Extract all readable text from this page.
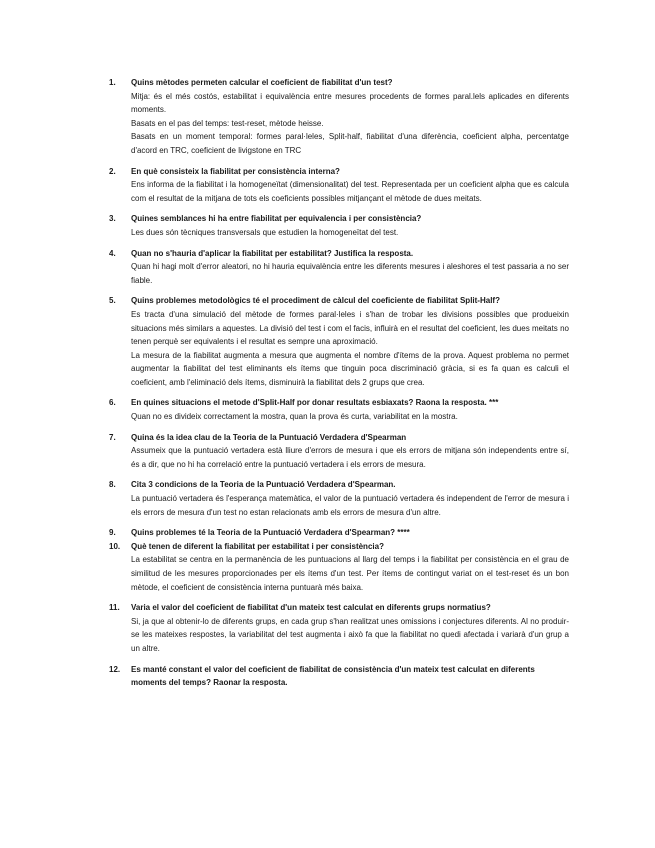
1. Quins mètodes permeten calcular el coeficient de fiabilitat d'un test?

Mitja: és el més costós, estabilitat i equivalència entre mesures procedents de formes paral.lels aplicades en diferents moments.

Basats en el pas del temps: test-reset, mètode heisse.

Basats en un moment temporal: formes paral·leles, Split-half, fiabilitat d'una diferència, coeficient alpha, percentatge d'acord en TRC, coeficient de livigstone en TRC

2. En què consisteix la fiabilitat per consistència interna?

Ens informa de la fiabilitat i la homogeneïtat (dimensionalitat) del test. Representada per un coeficient alpha que es calcula com el resultat de la mitjana de tots els coeficients possibles mitjançant el mètode de dues meitats.

3. Quines semblances hi ha entre fiabilitat per equivalencia i per consistència?

Les dues són tècniques transversals que estudien la homogeneïtat del test.

4. Quan no s'hauria d'aplicar la fiabilitat per estabilitat? Justifica la resposta.

Quan hi hagi molt d'error aleatori, no hi hauria equivalència entre les diferents mesures i aleshores el test passaria a no ser fiable.

5. Quins problemes metodològics té el procediment de càlcul del coeficiente de fiabilitat Split-Half?

Es tracta d'una simulació del mètode de formes paral·leles i s'han de trobar les divisions possibles que produeixin situacions més similars a aquestes. La divisió del test i com el facis, influirà en el resultat del coeficient, les dues meitats no tenen perquè ser equivalents i el resultat es sempre una aproximació.

La mesura de la fiabilitat augmenta a mesura que augmenta el nombre d'ítems de la prova. Aquest problema no permet augmentar la fiabilitat del test eliminants els ítems que tinguin poca discriminació gràcia, si es fa quan es calculi el coeficient, amb l'eliminació dels ítems, disminuirà la fiabilitat dels 2 grups que crea.

6. En quines situacions el metode d'Split-Half por donar resultats esbiaxats? Raona la resposta. ***

Quan no es divideix correctament la mostra, quan la prova és curta, variabilitat en la mostra.

7. Quina és la idea clau de la Teoria de la Puntuació Verdadera d'Spearman

Assumeix que la puntuació vertadera està lliure d'errors de mesura i que els errors de mitjana són independents entre sí, és a dir, que no hi ha correlació entre la puntuació vertadera i els errors de mesura.

8. Cita 3 condicions de la Teoria de la Puntuació Verdadera d'Spearman.

La puntuació vertadera és l'esperança matemàtica, el valor de la puntuació vertadera és independent de l'error de mesura i els errors de mesura d'un test no estan relacionats amb els errors de mesura d'un altre.

9. Quins problemes té la Teoria de la Puntuació Verdadera d'Spearman? ****
10. Què tenen de diferent la fiabilitat per estabilitat i per consistència?

La estabilitat se centra en la permanència de les puntuacions al llarg del temps i la fiabilitat per consistència en el grau de similitud de les mesures proporcionades per els ítems d'un test. Per ítems de contingut variat on el test-reset és un bon mètode, el coeficient de consistència interna puntuarà més baixa.

11. Varia el valor del coeficient de fiabilitat d'un mateix test calculat en diferents grups normatius?

Si, ja que al obtenir-lo de diferents grups, en cada grup s'han realitzat unes omissions i conjectures diferents. Al no produir-se les mateixes respostes, la variabilitat del test augmenta i això fa que la fiabilitat no quedi afectada i variarà d'un grup a un altre.

12. Es manté constant el valor del coeficient de fiabilitat de consistència d'un mateix test calculat en diferents moments del temps? Raonar la resposta.
